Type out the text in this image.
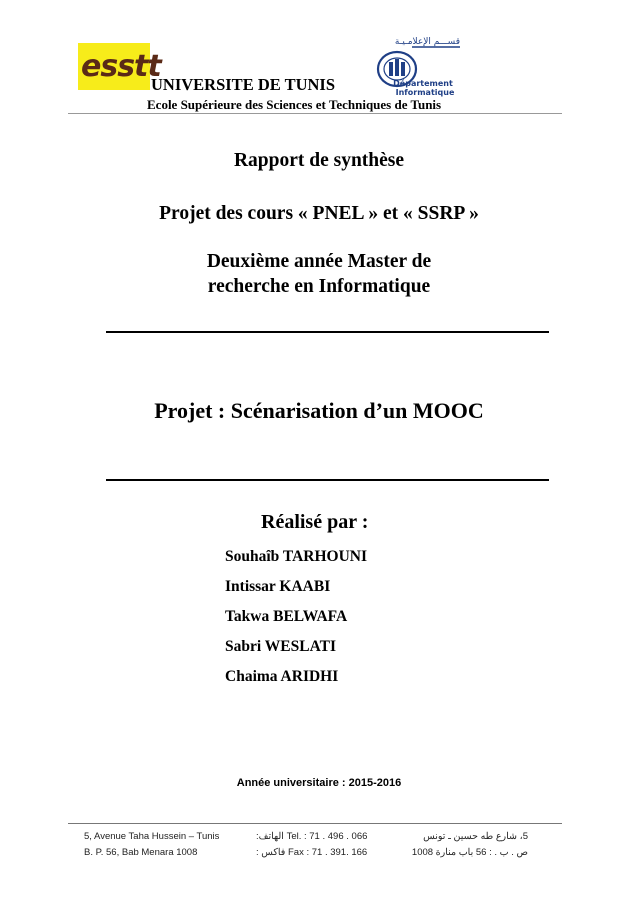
esstt
UNIVERSITE DE TUNIS
Ecole Supérieure des Sciences et Techniques de Tunis
قســـم الإعلامـيـة
Département
Informatique
Rapport de synthèse
Projet des cours « PNEL » et « SSRP »
Deuxième année Master de recherche en Informatique
Projet : Scénarisation d’un MOOC
Réalisé par :
Souhaîb TARHOUNI
Intissar KAABI
Takwa BELWAFA
Sabri WESLATI
Chaima ARIDHI
Année universitaire : 2015-2016
5, Avenue Taha Hussein – Tunis
B. P. 56, Bab Menara 1008
:الهاتف Tel. : 71 . 496 . 066
: فاكس Fax : 71 . 391. 166
5، شارع طه حسين ـ تونس
ص . ب . : 56 باب منارة 1008
